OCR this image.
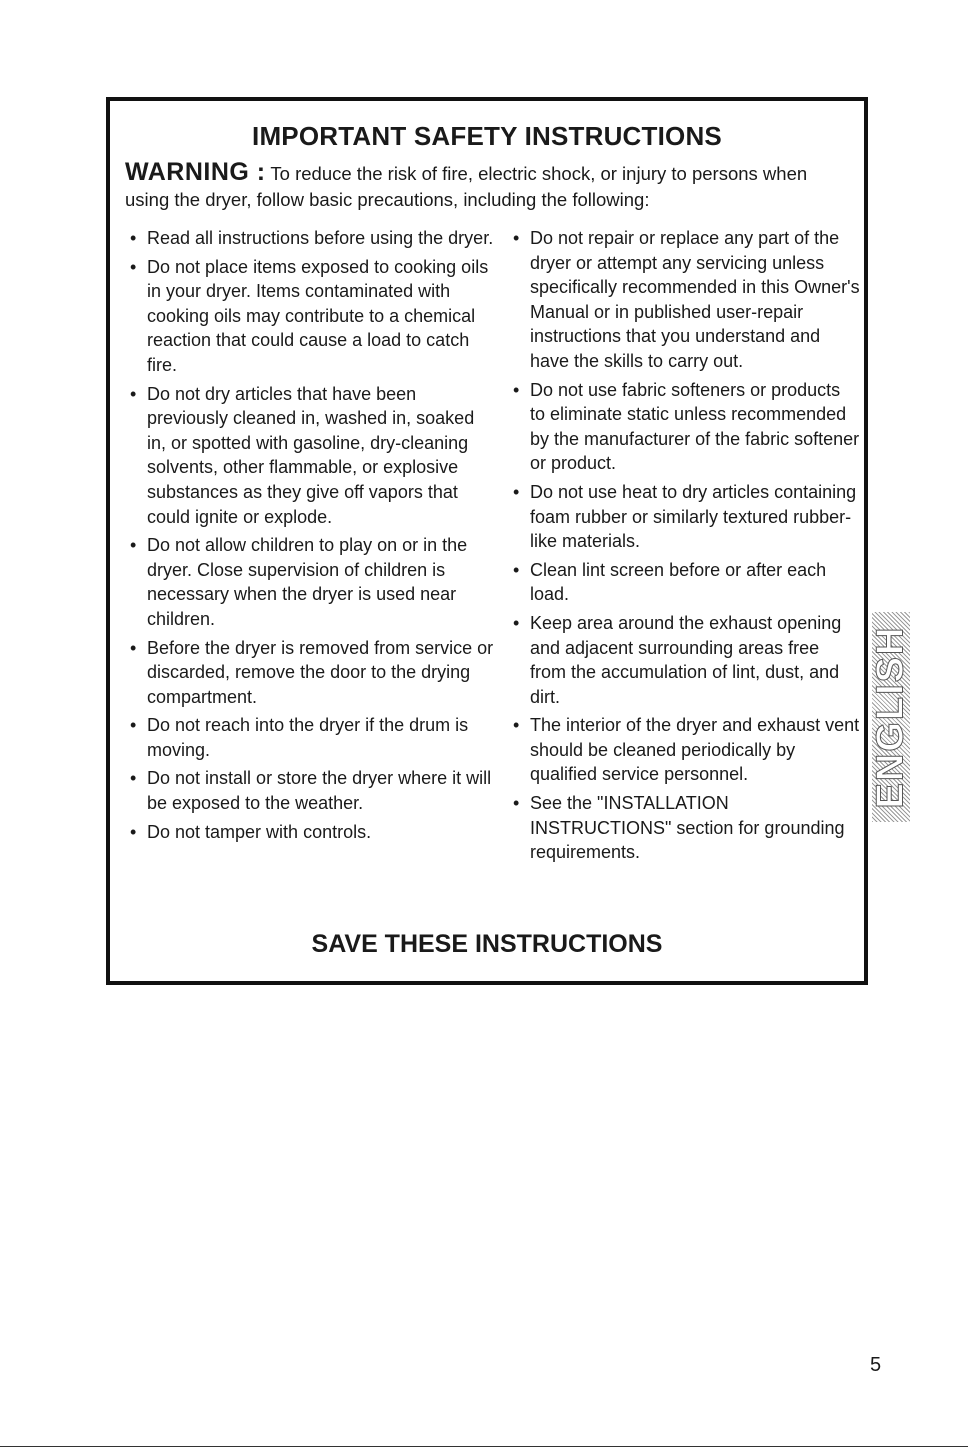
IMPORTANT SAFETY INSTRUCTIONS

WARNING : To reduce the risk of fire, electric shock, or injury to persons when using the dryer, follow basic precautions, including the following:

• Read all instructions before using the dryer.
• Do not place items exposed to cooking oils in your dryer. Items contaminated with cooking oils may contribute to a chemical reaction that could cause a load to catch fire.
• Do not dry articles that have been previously cleaned in, washed in, soaked in, or spotted with gasoline, dry-cleaning solvents, other flammable, or explosive substances as they give off vapors that could ignite or explode.
• Do not allow children to play on or in the dryer. Close supervision of children is necessary when the dryer is used near children.
• Before the dryer is removed from service or discarded, remove the door to the drying compartment.
• Do not reach into the dryer if the drum is moving.
• Do not install or store the dryer where it will be exposed to the weather.
• Do not tamper with controls.
• Do not repair or replace any part of the dryer or attempt any servicing unless specifically recommended in this Owner's Manual or in published user-repair instructions that you understand and have the skills to carry out.
• Do not use fabric softeners or products to eliminate static unless recommended by the manufacturer of the fabric softener or product.
• Do not use heat to dry articles containing foam rubber or similarly textured rubber-like materials.
• Clean lint screen before or after each load.
• Keep area around the exhaust opening and adjacent surrounding areas free from the accumulation of lint, dust, and dirt.
• The interior of the dryer and exhaust vent should be cleaned periodically by qualified service personnel.
• See the "INSTALLATION INSTRUCTIONS" section for grounding requirements.

SAVE THESE INSTRUCTIONS

ENGLISH
5
